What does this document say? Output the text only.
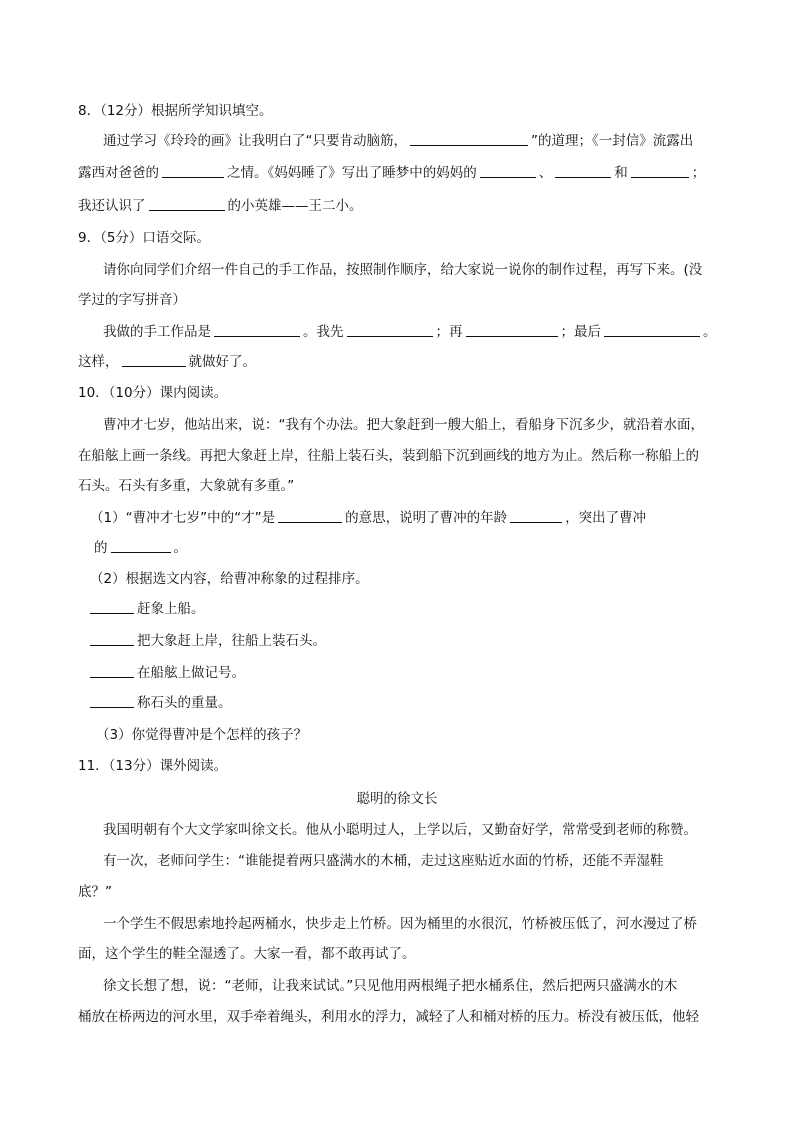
8．（12分）根据所学知识填空。
通过学习《玲玲的画》让我明白了“只要肯动脑筋，	”的道理；《一封信》流露出
露西对爸爸的	之情。《妈妈睡了》写出了睡梦中的妈妈的	、	和	；
我还认识了	的小英雄——王二小。
9．（5分）口语交际。
请你向同学们介绍一件自己的手工作品，按照制作顺序，给大家说一说你的制作过程，再写下来。(没
学过的字写拼音）
我做的手工作品是	。我先	；再	；最后	。
这样，	就做好了。
10．（10分）课内阅读。
曹冲才七岁，他站出来，说：“我有个办法。把大象赶到一艘大船上，看船身下沉多少，就沿着水面，
在船舷上画一条线。再把大象赶上岸，往船上装石头，装到船下沉到画线的地方为止。然后称一称船上的
石头。石头有多重，大象就有多重。”
（1）“曹冲才七岁”中的“才”是	的意思，说明了曹冲的年龄	，突出了曹冲
的	。
（2）根据选文内容，给曹冲称象的过程排序。
赶象上船。
把大象赶上岸，往船上装石头。
在船舷上做记号。
称石头的重量。
（3）你觉得曹冲是个怎样的孩子？
11．（13分）课外阅读。
聪明的徐文长
我国明朝有个大文学家叫徐文长。他从小聪明过人，上学以后，又勤奋好学，常常受到老师的称赞。
有一次，老师问学生：“谁能提着两只盛满水的木桶，走过这座贴近水面的竹桥，还能不弄湿鞋
底？”
一个学生不假思索地拎起两桶水，快步走上竹桥。因为桶里的水很沉，竹桥被压低了，河水漫过了桥
面，这个学生的鞋全湿透了。大家一看，都不敢再试了。
徐文长想了想，说：“老师，让我来试试。”只见他用两根绳子把水桶系住，然后把两只盛满水的木
桶放在桥两边的河水里，双手牵着绳头，利用水的浮力，减轻了人和桶对桥的压力。桥没有被压低，他轻
